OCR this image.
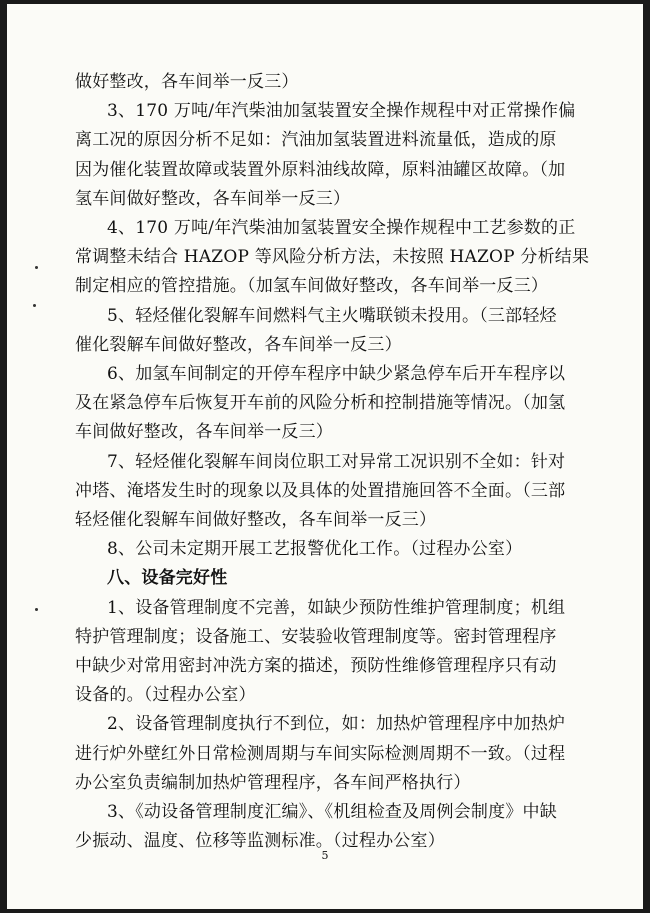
做好整改，各车间举一反三）
3、170 万吨/年汽柴油加氢装置安全操作规程中对正常操作偏
离工况的原因分析不足如：汽油加氢装置进料流量低，造成的原
因为催化装置故障或装置外原料油线故障，原料油罐区故障。（加
氢车间做好整改，各车间举一反三）
4、170 万吨/年汽柴油加氢装置安全操作规程中工艺参数的正
常调整未结合 HAZOP 等风险分析方法，未按照 HAZOP 分析结果
制定相应的管控措施。（加氢车间做好整改，各车间举一反三）
5、轻烃催化裂解车间燃料气主火嘴联锁未投用。（三部轻烃
催化裂解车间做好整改，各车间举一反三）
6、加氢车间制定的开停车程序中缺少紧急停车后开车程序以
及在紧急停车后恢复开车前的风险分析和控制措施等情况。（加氢
车间做好整改，各车间举一反三）
7、轻烃催化裂解车间岗位职工对异常工况识别不全如：针对
冲塔、淹塔发生时的现象以及具体的处置措施回答不全面。（三部
轻烃催化裂解车间做好整改，各车间举一反三）
8、公司未定期开展工艺报警优化工作。（过程办公室）
八、设备完好性
1、设备管理制度不完善，如缺少预防性维护管理制度；机组
特护管理制度；设备施工、安装验收管理制度等。密封管理程序
中缺少对常用密封冲洗方案的描述，预防性维修管理程序只有动
设备的。（过程办公室）
2、设备管理制度执行不到位，如：加热炉管理程序中加热炉
进行炉外壁红外日常检测周期与车间实际检测周期不一致。（过程
办公室负责编制加热炉管理程序，各车间严格执行）
3、《动设备管理制度汇编》、《机组检查及周例会制度》中缺
少振动、温度、位移等监测标准。（过程办公室）
5
